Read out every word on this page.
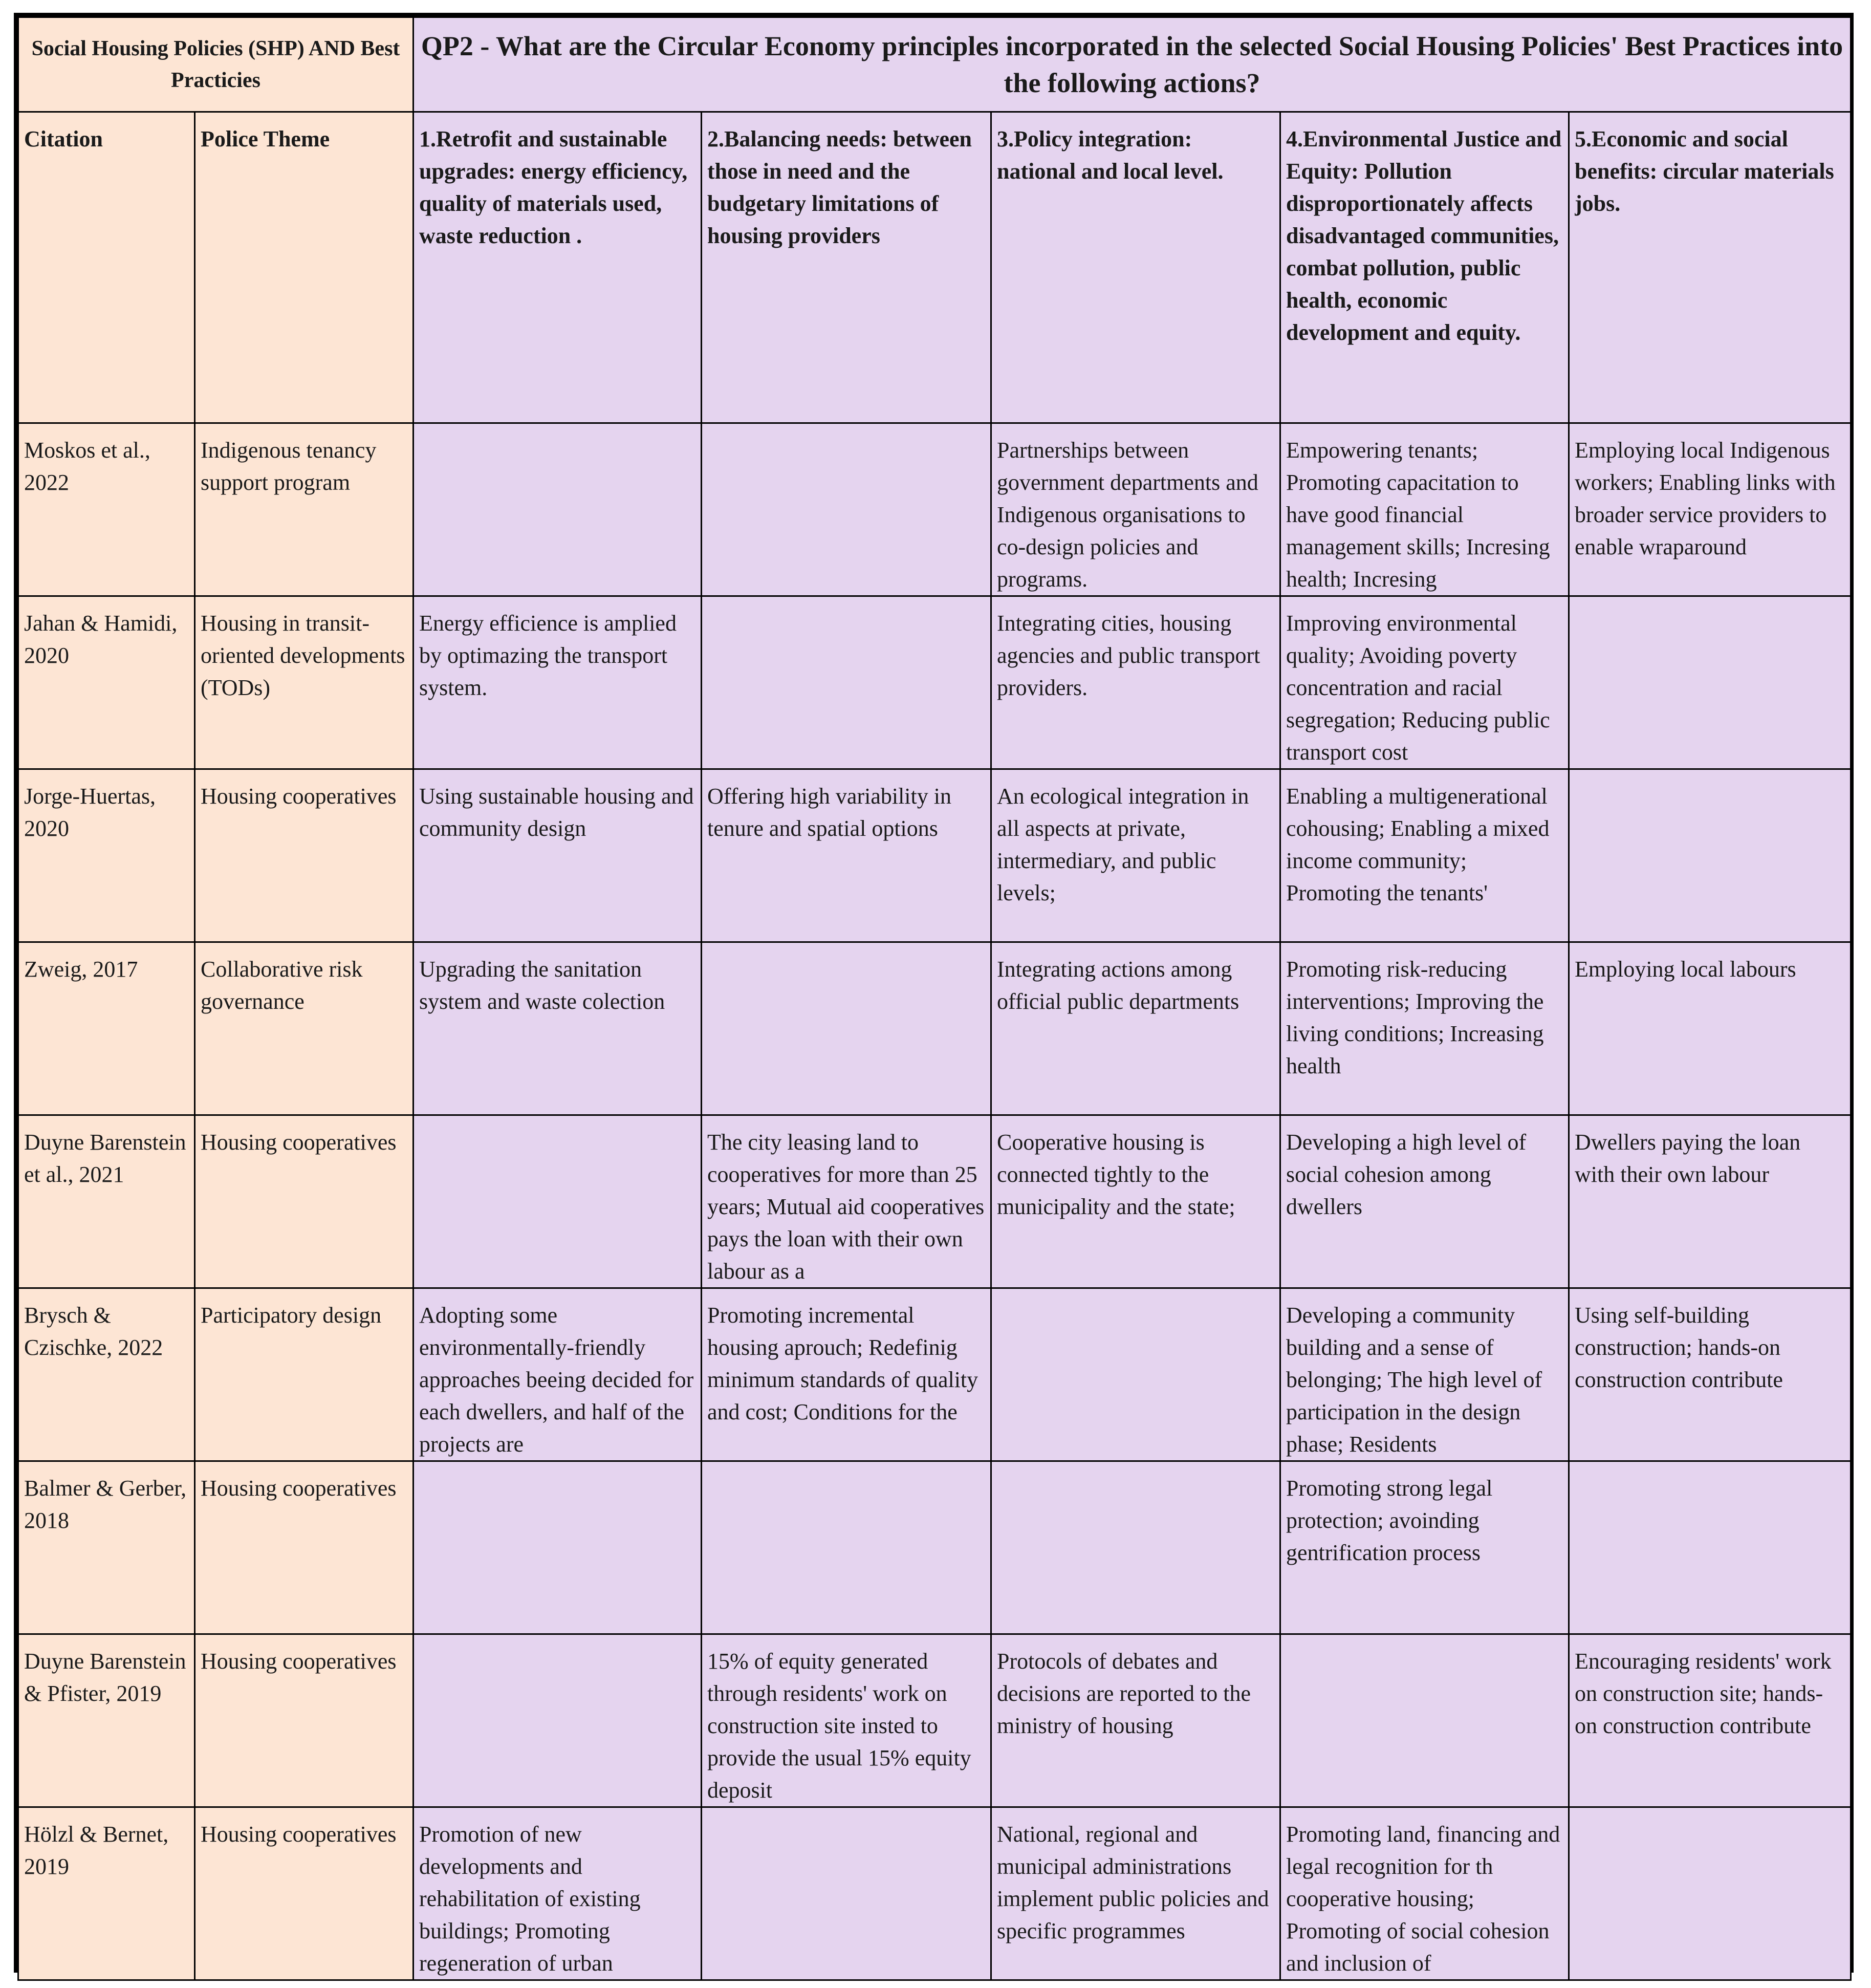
Social Housing Policies (SHP) AND Best Practicies		QP2 - What are the Circular Economy principles incorporated in the selected Social Housing Policies' Best Practices into the following actions?				

Citation	Police Theme	1.Retrofit and sustainable upgrades: energy efficiency, quality of materials used, waste reduction .	2.Balancing needs: between those in need and the budgetary limitations of housing providers	3.Policy integration: national and local level.	4.Environmental Justice and Equity: Pollution disproportionately affects disadvantaged communities, combat pollution, public health, economic development and equity.	5.Economic and social benefits: circular materials jobs.

Moskos et al., 2022	Indigenous tenancy support program			Partnerships between government departments and Indigenous organisations to co-design policies and programs.	Empowering tenants; Promoting capacitation to have good financial management skills; Incresing health; Incresing	Employing local Indigenous workers; Enabling links with broader service providers to enable wraparound

Jahan & Hamidi, 2020	Housing in transit-oriented developments (TODs)	Energy efficience is amplied by optimazing the transport system.		Integrating cities, housing agencies and public transport providers.	Improving environmental quality; Avoiding poverty concentration and racial segregation; Reducing public transport cost	

Jorge-Huertas, 2020	Housing cooperatives	Using sustainable housing and community design	Offering high variability in tenure and spatial options	An ecological integration in all aspects at private, intermediary, and public levels;	Enabling a multigenerational cohousing; Enabling a mixed income community; Promoting the tenants'	

Zweig, 2017	Collaborative risk governance	Upgrading the sanitation system and waste colection		Integrating actions among official public departments	Promoting risk-reducing interventions; Improving the living conditions; Increasing health	Employing local labours

Duyne Barenstein et al., 2021	Housing cooperatives		The city leasing land to cooperatives for more than 25 years; Mutual aid cooperatives pays the loan with their own labour as a	Cooperative housing is connected tightly to the municipality and the state;	Developing a high level of social cohesion among dwellers	Dwellers paying the loan with their own labour

Brysch & Czischke, 2022	Participatory design	Adopting some environmentally-friendly approaches beeing decided for each dwellers, and half of the projects are	Promoting incremental housing aprouch; Redefinig minimum standards of quality and cost; Conditions for the		Developing a community building and a sense of belonging; The high level of participation in the design phase; Residents	Using self-building construction; hands-on construction contribute

Balmer & Gerber, 2018	Housing cooperatives				Promoting strong legal protection; avoinding gentrification process	

Duyne Barenstein & Pfister, 2019	Housing cooperatives		15% of equity generated through residents' work on construction site insted to provide the usual 15% equity deposit	Protocols of debates and decisions are reported to the ministry of housing		Encouraging residents' work on construction site; hands-on construction contribute

Hölzl & Bernet, 2019	Housing cooperatives	Promotion of new developments and rehabilitation of existing buildings; Promoting regeneration of urban		National, regional and municipal administrations implement public policies and specific programmes	Promoting land, financing and legal recognition for th cooperative housing; Promoting of social cohesion and inclusion of	
